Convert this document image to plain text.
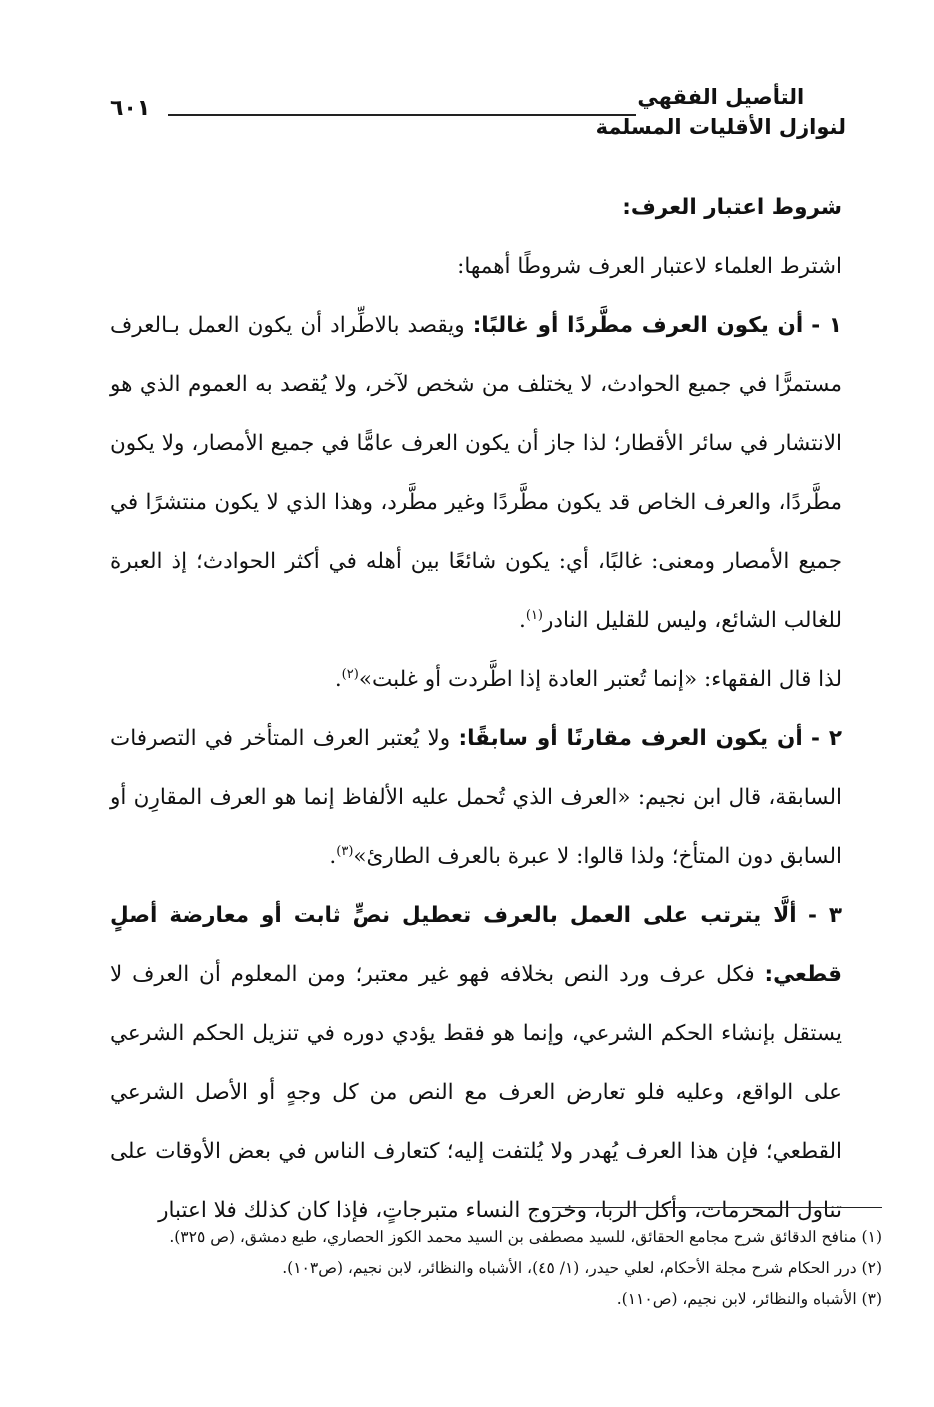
التأصيل الفقهي
لنوازل الأقليات المسلمة
٦٠١

شروط اعتبار العرف:

اشترط العلماء لاعتبار العرف شروطًا أهمها:

١ - أن يكون العرف مطَّردًا أو غالبًا: ويقصد بالاطِّراد أن يكون العمل بـالعرف مستمرًّا في جميع الحوادث، لا يختلف من شخص لآخر، ولا يُقصد به العموم الذي هو الانتشار في سائر الأقطار؛ لذا جاز أن يكون العرف عامًّا في جميع الأمصار، ولا يكون مطَّردًا، والعرف الخاص قد يكون مطَّردًا وغير مطَّرد، وهذا الذي لا يكون منتشرًا في جميع الأمصار ومعنى: غالبًا، أي: يكون شائعًا بين أهله في أكثر الحوادث؛ إذ العبرة للغالب الشائع، وليس للقليل النادر$^{(١)}$.

لذا قال الفقهاء: «إنما تُعتبر العادة إذا اطَّردت أو غلبت»$^{(٢)}$.

٢ - أن يكون العرف مقارنًا أو سابقًا: ولا يُعتبر العرف المتأخر في التصرفات السابقة، قال ابن نجيم: «العرف الذي تُحمل عليه الألفاظ إنما هو العرف المقارِن أو السابق دون المتأخ؛ ولذا قالوا: لا عبرة بالعرف الطارئ»$^{(٣)}$.

٣ - ألَّا يترتب على العمل بالعرف تعطيل نصٍّ ثابت أو معارضة أصلٍ قطعي: فكل عرف ورد النص بخلافه فهو غير معتبر؛ ومن المعلوم أن العرف لا يستقل بإنشاء الحكم الشرعي، وإنما هو فقط يؤدي دوره في تنزيل الحكم الشرعي على الواقع، وعليه فلو تعارض العرف مع النص من كل وجهٍ أو الأصل الشرعي القطعي؛ فإن هذا العرف يُهدر ولا يُلتفت إليه؛ كتعارف الناس في بعض الأوقات على تناول المحرمات، وأكل الربا، وخروج النساء متبرجاتٍ، فإذا كان كذلك فلا اعتبار

(١) منافح الدقائق شرح مجامع الحقائق، للسيد مصطفى بن السيد محمد الكوز الحصاري، طبع دمشق، (ص ٣٢٥).

(٢) درر الحكام شرح مجلة الأحكام، لعلي حيدر، (١/ ٤٥)، الأشباه والنظائر، لابن نجيم، (ص١٠٣).

(٣) الأشباه والنظائر، لابن نجيم، (ص١١٠).
